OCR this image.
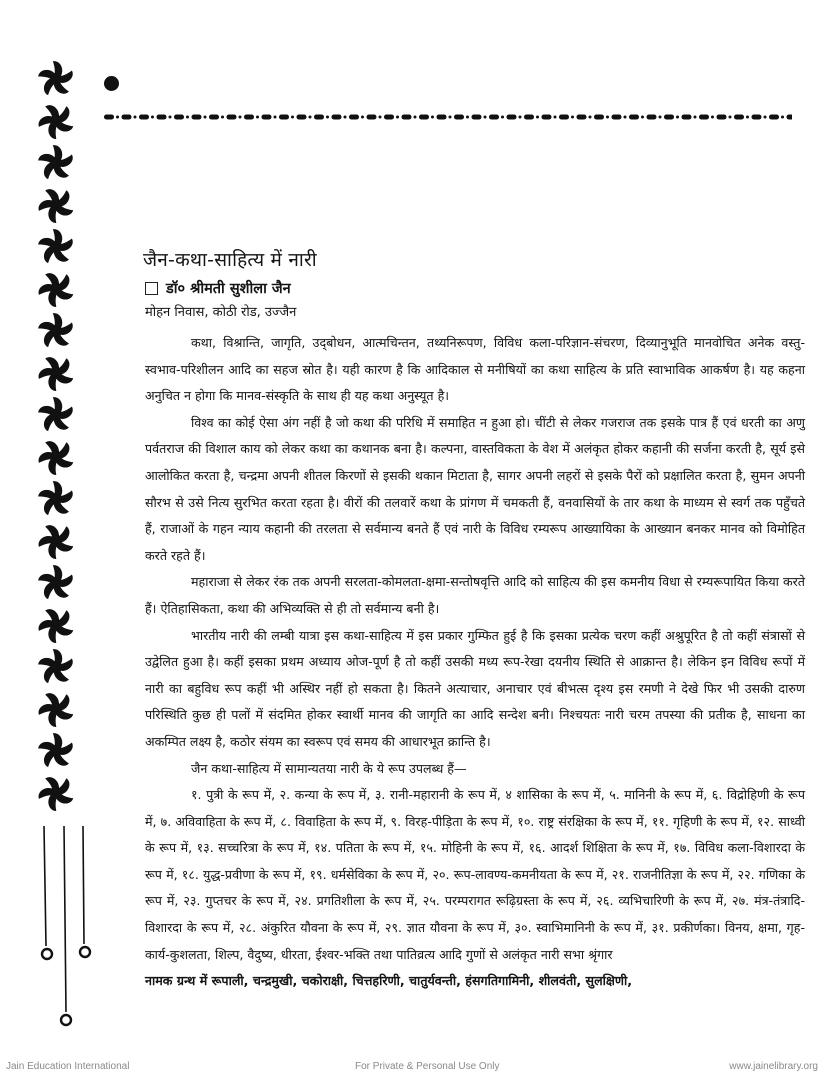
जैन-कथा-साहित्य में नारी
डॉ० श्रीमती सुशीला जैन
मोहन निवास, कोठी रोड, उज्जैन

कथा, विश्रान्ति, जागृति, उद्‌बोधन, आत्मचिन्तन, तथ्यनिरूपण, विविध कला-परिज्ञान-संचरण, दिव्यानुभूति मानवोचित अनेक वस्तु-स्वभाव-परिशीलन आदि का सहज स्रोत है। यही कारण है कि आदिकाल से मनीषियों का कथा साहित्य के प्रति स्वाभाविक आकर्षण है। यह कहना अनुचित न होगा कि मानव-संस्कृति के साथ ही यह कथा अनुस्यूत है।

विश्व का कोई ऐसा अंग नहीं है जो कथा की परिधि में समाहित न हुआ हो। चींटी से लेकर गजराज तक इसके पात्र हैं एवं धरती का अणु पर्वतराज की विशाल काय को लेकर कथा का कथानक बना है। कल्पना, वास्तविकता के वेश में अलंकृत होकर कहानी की सर्जना करती है, सूर्य इसे आलोकित करता है, चन्द्रमा अपनी शीतल किरणों से इसकी थकान मिटाता है, सागर अपनी लहरों से इसके पैरों को प्रक्षालित करता है, सुमन अपनी सौरभ से उसे नित्य सुरभित करता रहता है। वीरों की तलवारें कथा के प्रांगण में चमकती हैं, वनवासियों के तार कथा के माध्यम से स्वर्ग तक पहुँचते हैं, राजाओं के गहन न्याय कहानी की तरलता से सर्वमान्य बनते हैं एवं नारी के विविध रम्यरूप आख्यायिका के आख्यान बनकर मानव को विमोहित करते रहते हैं।

महाराजा से लेकर रंक तक अपनी सरलता-कोमलता-क्षमा-सन्तोषवृत्ति आदि को साहित्य की इस कमनीय विधा से रम्यरूपायित किया करते हैं। ऐतिहासिकता, कथा की अभिव्यक्ति से ही तो सर्वमान्य बनी है।

भारतीय नारी की लम्बी यात्रा इस कथा-साहित्य में इस प्रकार गुम्फित हुई है कि इसका प्रत्येक चरण कहीं अश्रुपूरित है तो कहीं संत्रासों से उद्वेलित हुआ है। कहीं इसका प्रथम अध्याय ओज-पूर्ण है तो कहीं उसकी मध्य रूप-रेखा दयनीय स्थिति से आक्रान्त है। लेकिन इन विविध रूपों में नारी का बहुविध रूप कहीं भी अस्थिर नहीं हो सकता है। कितने अत्याचार, अनाचार एवं बीभत्स दृश्य इस रमणी ने देखे फिर भी उसकी दारुण परिस्थिति कुछ ही पलों में संदमित होकर स्वार्थी मानव की जागृति का आदि सन्देश बनी। निश्चयतः नारी चरम तपस्या की प्रतीक है, साधना का अकम्पित लक्ष्य है, कठोर संयम का स्वरूप एवं समय की आधारभूत क्रान्ति है।

जैन कथा-साहित्य में सामान्यतया नारी के ये रूप उपलब्ध हैं—

१. पुत्री के रूप में, २. कन्या के रूप में, ३. रानी-महारानी के रूप में, ४ शासिका के रूप में, ५. मानिनी के रूप में, ६. विद्रोहिणी के रूप में, ७. अविवाहिता के रूप में, ८. विवाहिता के रूप में, ९. विरह-पीड़िता के रूप में, १०. राष्ट्र संरक्षिका के रूप में, ११. गृहिणी के रूप में, १२. साध्वी के रूप में, १३. सच्चरित्रा के रूप में, १४. पतिता के रूप में, १५. मोहिनी के रूप में, १६. आदर्श शिक्षिता के रूप में, १७. विविध कला-विशारदा के रूप में, १८. युद्ध-प्रवीणा के रूप में, १९. धर्मसेविका के रूप में, २०. रूप-लावण्य-कमनीयता के रूप में, २१. राजनीतिज्ञा के रूप में, २२. गणिका के रूप में, २३. गुप्तचर के रूप में, २४. प्रगतिशीला के रूप में, २५. परम्परागत रूढ़िग्रस्ता के रूप में, २६. व्यभिचारिणी के रूप में, २७. मंत्र-तंत्रादि-विशारदा के रूप में, २८. अंकुरित यौवना के रूप में, २९. ज्ञात यौवना के रूप में, ३०. स्वाभिमानिनी के रूप में, ३१. प्रकीर्णका। विनय, क्षमा, गृह-कार्य-कुशलता, शिल्प, वैदुष्य, धीरता, ईश्वर-भक्ति तथा पातिव्रत्य आदि गुणों से अलंकृत नारी सभा श्रृंगार

नामक ग्रन्थ में रूपाली, चन्द्रमुखी, चकोराक्षी, चित्तहरिणी, चातुर्यवन्ती, हंसगतिगामिनी, शीलवंती, सुलक्षिणी,

Jain Education International	For Private & Personal Use Only	www.jainelibrary.org
